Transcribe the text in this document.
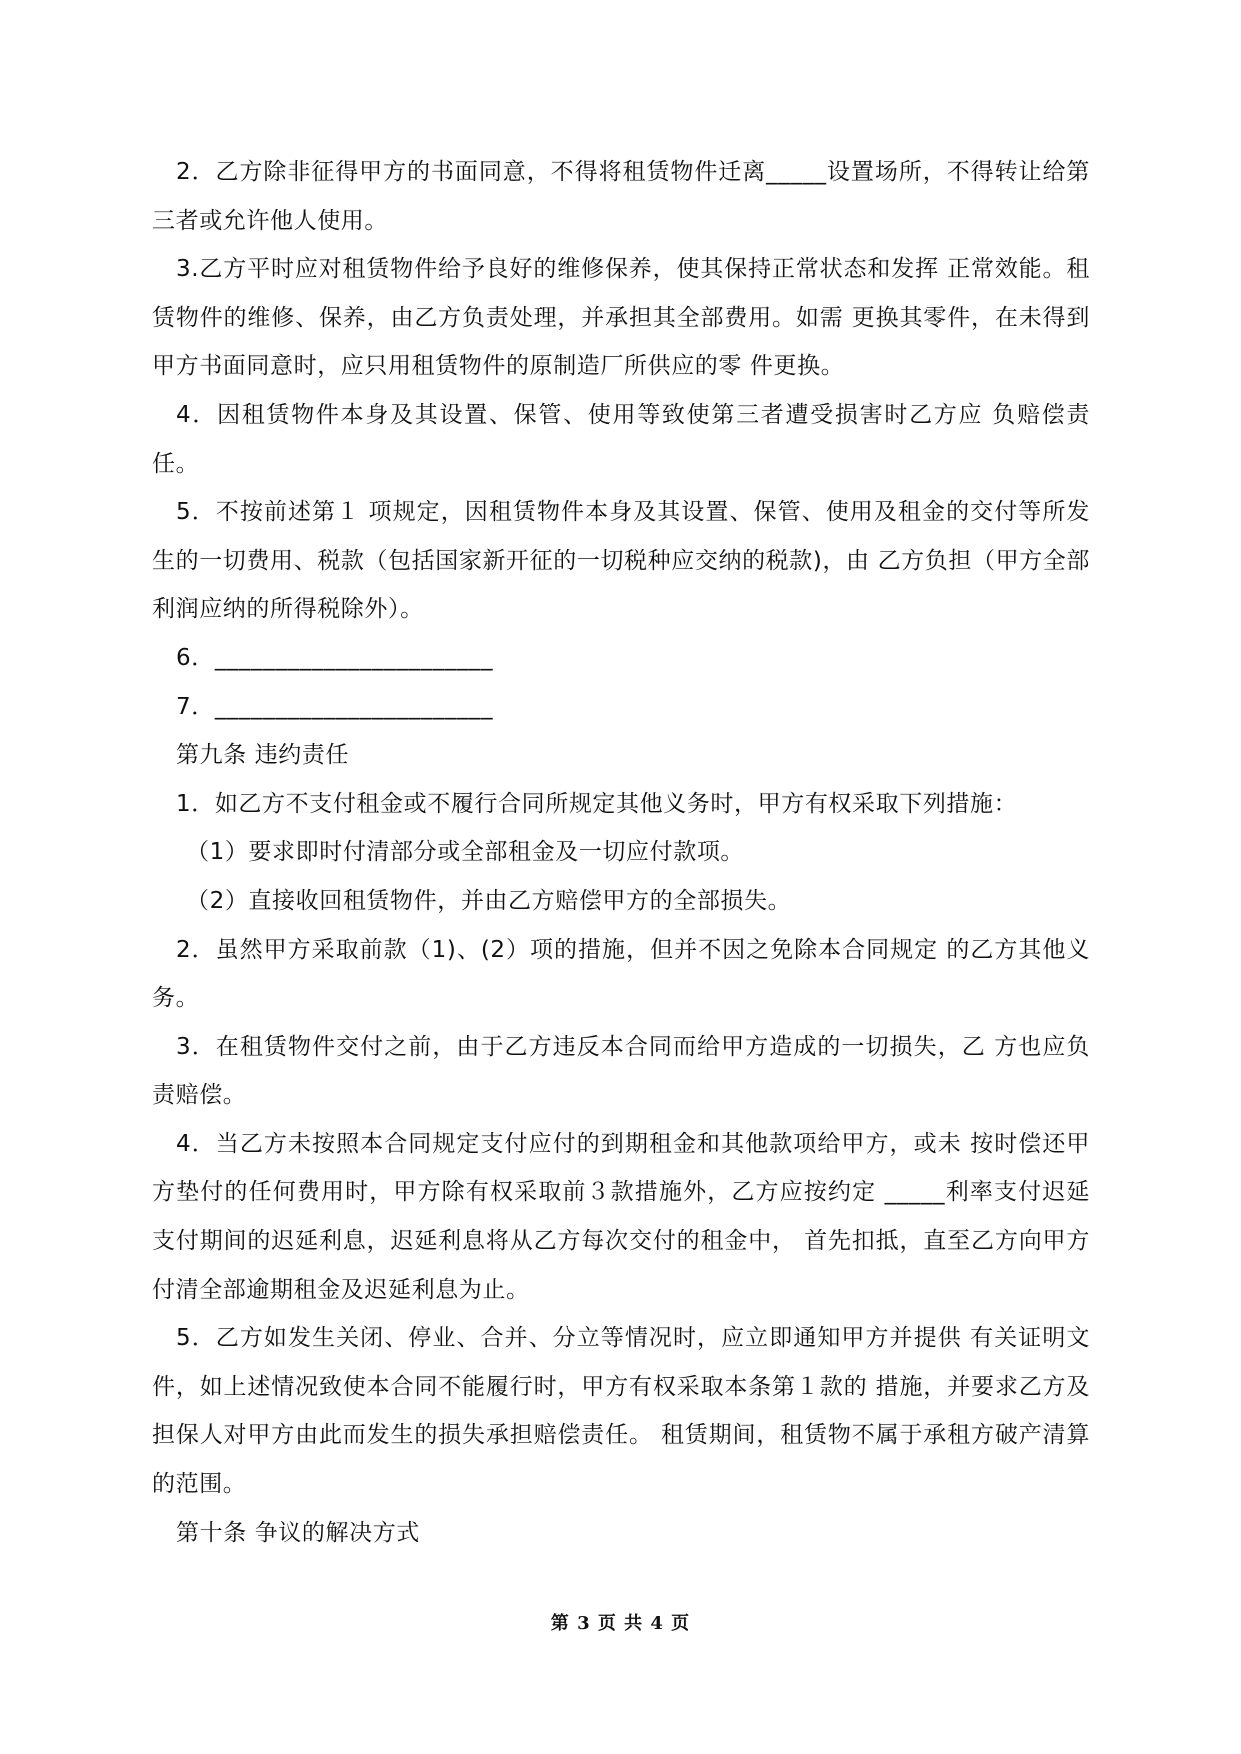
2．乙方除非征得甲方的书面同意，不得将租赁物件迁离_____设置场所，不得转让给第三者或允许他人使用。

3.乙方平时应对租赁物件给予良好的维修保养，使其保持正常状态和发挥 正常效能。租赁物件的维修、保养，由乙方负责处理，并承担其全部费用。如需 更换其零件，在未得到甲方书面同意时，应只用租赁物件的原制造厂所供应的零 件更换。

4．因租赁物件本身及其设置、保管、使用等致使第三者遭受损害时乙方应 负赔偿责任。

5．不按前述第１ 项规定，因租赁物件本身及其设置、保管、使用及租金的交付等所发生的一切费用、税款（包括国家新开征的一切税种应交纳的税款)，由 乙方负担（甲方全部利润应纳的所得税除外）。

6．_______________________

7．_______________________

第九条 违约责任

1．如乙方不支付租金或不履行合同所规定其他义务时，甲方有权采取下列措施：

（1）要求即时付清部分或全部租金及一切应付款项。

（2）直接收回租赁物件，并由乙方赔偿甲方的全部损失。

2．虽然甲方采取前款（1)、(2）项的措施，但并不因之免除本合同规定 的乙方其他义务。

3．在租赁物件交付之前，由于乙方违反本合同而给甲方造成的一切损失，乙 方也应负责赔偿。

4．当乙方未按照本合同规定支付应付的到期租金和其他款项给甲方，或未 按时偿还甲方垫付的任何费用时，甲方除有权采取前３款措施外，乙方应按约定 _____利率支付迟延支付期间的迟延利息，迟延利息将从乙方每次交付的租金中， 首先扣抵，直至乙方向甲方付清全部逾期租金及迟延利息为止。

5．乙方如发生关闭、停业、合并、分立等情况时，应立即通知甲方并提供 有关证明文件，如上述情况致使本合同不能履行时，甲方有权采取本条第１款的 措施，并要求乙方及担保人对甲方由此而发生的损失承担赔偿责任。 租赁期间，租赁物不属于承租方破产清算的范围。

第十条 争议的解决方式

第 3 页 共 4 页
